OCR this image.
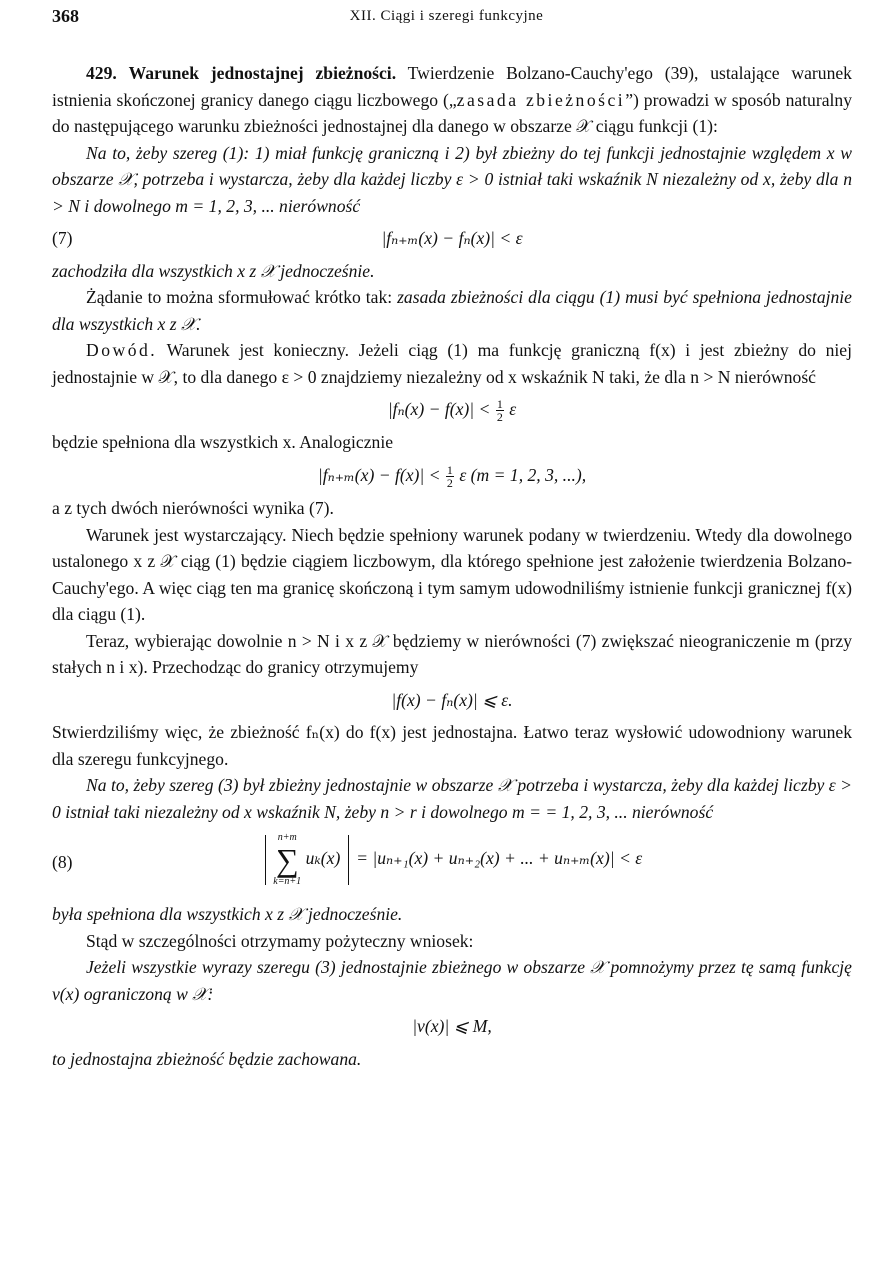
368	XII. Ciągi i szeregi funkcyjne

429. Warunek jednostajnej zbieżności. Twierdzenie Bolzano-Cauchy'ego (39), ustalające warunek istnienia skończonej granicy danego ciągu liczbowego („zasada zbieżności”) prowadzi w sposób naturalny do następującego warunku zbieżności jednostajnej dla danego w obszarze 𝒳 ciągu funkcji (1):

Na to, żeby szereg (1): 1) miał funkcję graniczną i 2) był zbieżny do tej funkcji jednostajnie względem x w obszarze 𝒳, potrzeba i wystarcza, żeby dla każdej liczby ε > 0 istniał taki wskaźnik N niezależny od x, żeby dla n > N i dowolnego m = 1, 2, 3, ... nierówność

(7)	|fₙ₊ₘ(x) − fₙ(x)| < ε

zachodziła dla wszystkich x z 𝒳 jednocześnie.

Żądanie to można sformułować krótko tak: zasada zbieżności dla ciągu (1) musi być spełniona jednostajnie dla wszystkich x z 𝒳.

Dowód. Warunek jest konieczny. Jeżeli ciąg (1) ma funkcję graniczną f(x) i jest zbieżny do niej jednostajnie w 𝒳, to dla danego ε > 0 znajdziemy niezależny od x wskaźnik N taki, że dla n > N nierówność

$|f_n(x) - f(x)| < \frac{1}{2}$ ε

będzie spełniona dla wszystkich x. Analogicznie

$|f_{n+m}(x) - f(x)| < \frac{1}{2}$ ε (m = 1, 2, 3, ...),

a z tych dwóch nierówności wynika (7).

Warunek jest wystarczający. Niech będzie spełniony warunek podany w twierdzeniu. Wtedy dla dowolnego ustalonego x z 𝒳 ciąg (1) będzie ciągiem liczbowym, dla którego spełnione jest założenie twierdzenia Bolzano-Cauchy'ego. A więc ciąg ten ma granicę skończoną i tym samym udowodniliśmy istnienie funkcji granicznej f(x) dla ciągu (1).

Teraz, wybierając dowolnie n > N i x z 𝒳 będziemy w nierówności (7) zwiększać nieograniczenie m (przy stałych n i x). Przechodząc do granicy otrzymujemy

|f(x) − fₙ(x)| ⩽ ε.

Stwierdziliśmy więc, że zbieżność fₙ(x) do f(x) jest jednostajna. Łatwo teraz wysłowić udowodniony warunek dla szeregu funkcyjnego.

Na to, żeby szereg (3) był zbieżny jednostajnie w obszarze 𝒳 potrzeba i wystarcza, żeby dla każdej liczby ε > 0 istniał taki niezależny od x wskaźnik N, żeby n > r i dowolnego m = = 1, 2, 3, ... nierówność

(8)

n+m
∑
k=n+1
uₖ(x) = |uₙ₊₁(x) + uₙ₊₂(x) + ... + uₙ₊ₘ(x)| < ε

była spełniona dla wszystkich x z 𝒳 jednocześnie.

Stąd w szczególności otrzymamy pożyteczny wniosek:

Jeżeli wszystkie wyrazy szeregu (3) jednostajnie zbieżnego w obszarze 𝒳 pomnożymy przez tę samą funkcję v(x) ograniczoną w 𝒳:

|v(x)| ⩽ M,

to jednostajna zbieżność będzie zachowana.
